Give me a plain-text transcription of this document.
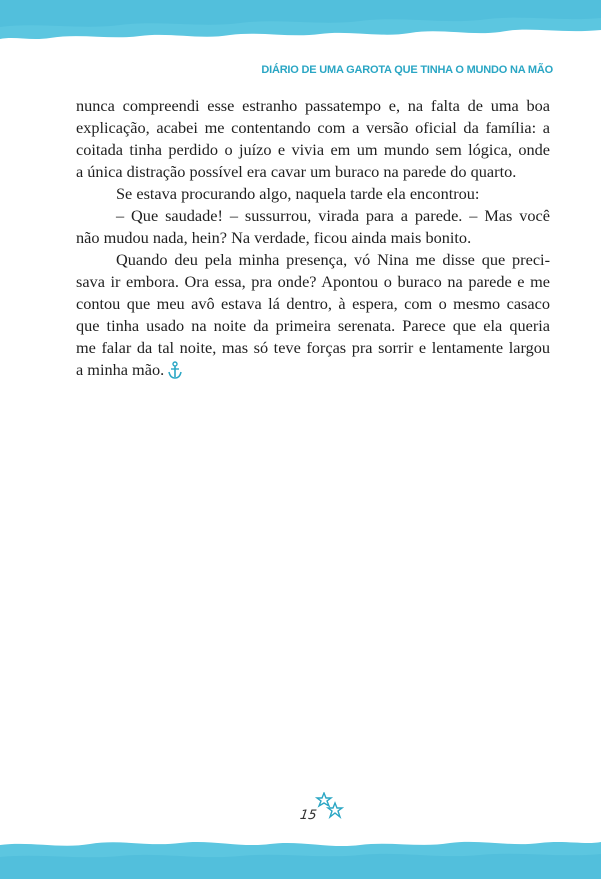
DIÁRIO DE UMA GAROTA QUE TINHA O MUNDO NA MÃO
nunca compreendi esse estranho passatempo e, na falta de uma boa
explicação, acabei me contentando com a versão oficial da família: a
coitada tinha perdido o juízo e vivia em um mundo sem lógica, onde
a única distração possível era cavar um buraco na parede do quarto.
Se estava procurando algo, naquela tarde ela encontrou:
– Que saudade! – sussurrou, virada para a parede. – Mas você
não mudou nada, hein? Na verdade, ficou ainda mais bonito.
Quando deu pela minha presença, vó Nina me disse que preci-
sava ir embora. Ora essa, pra onde? Apontou o buraco na parede e me
contou que meu avô estava lá dentro, à espera, com o mesmo casaco
que tinha usado na noite da primeira serenata. Parece que ela queria
me falar da tal noite, mas só teve forças pra sorrir e lentamente largou
a minha mão.
15
